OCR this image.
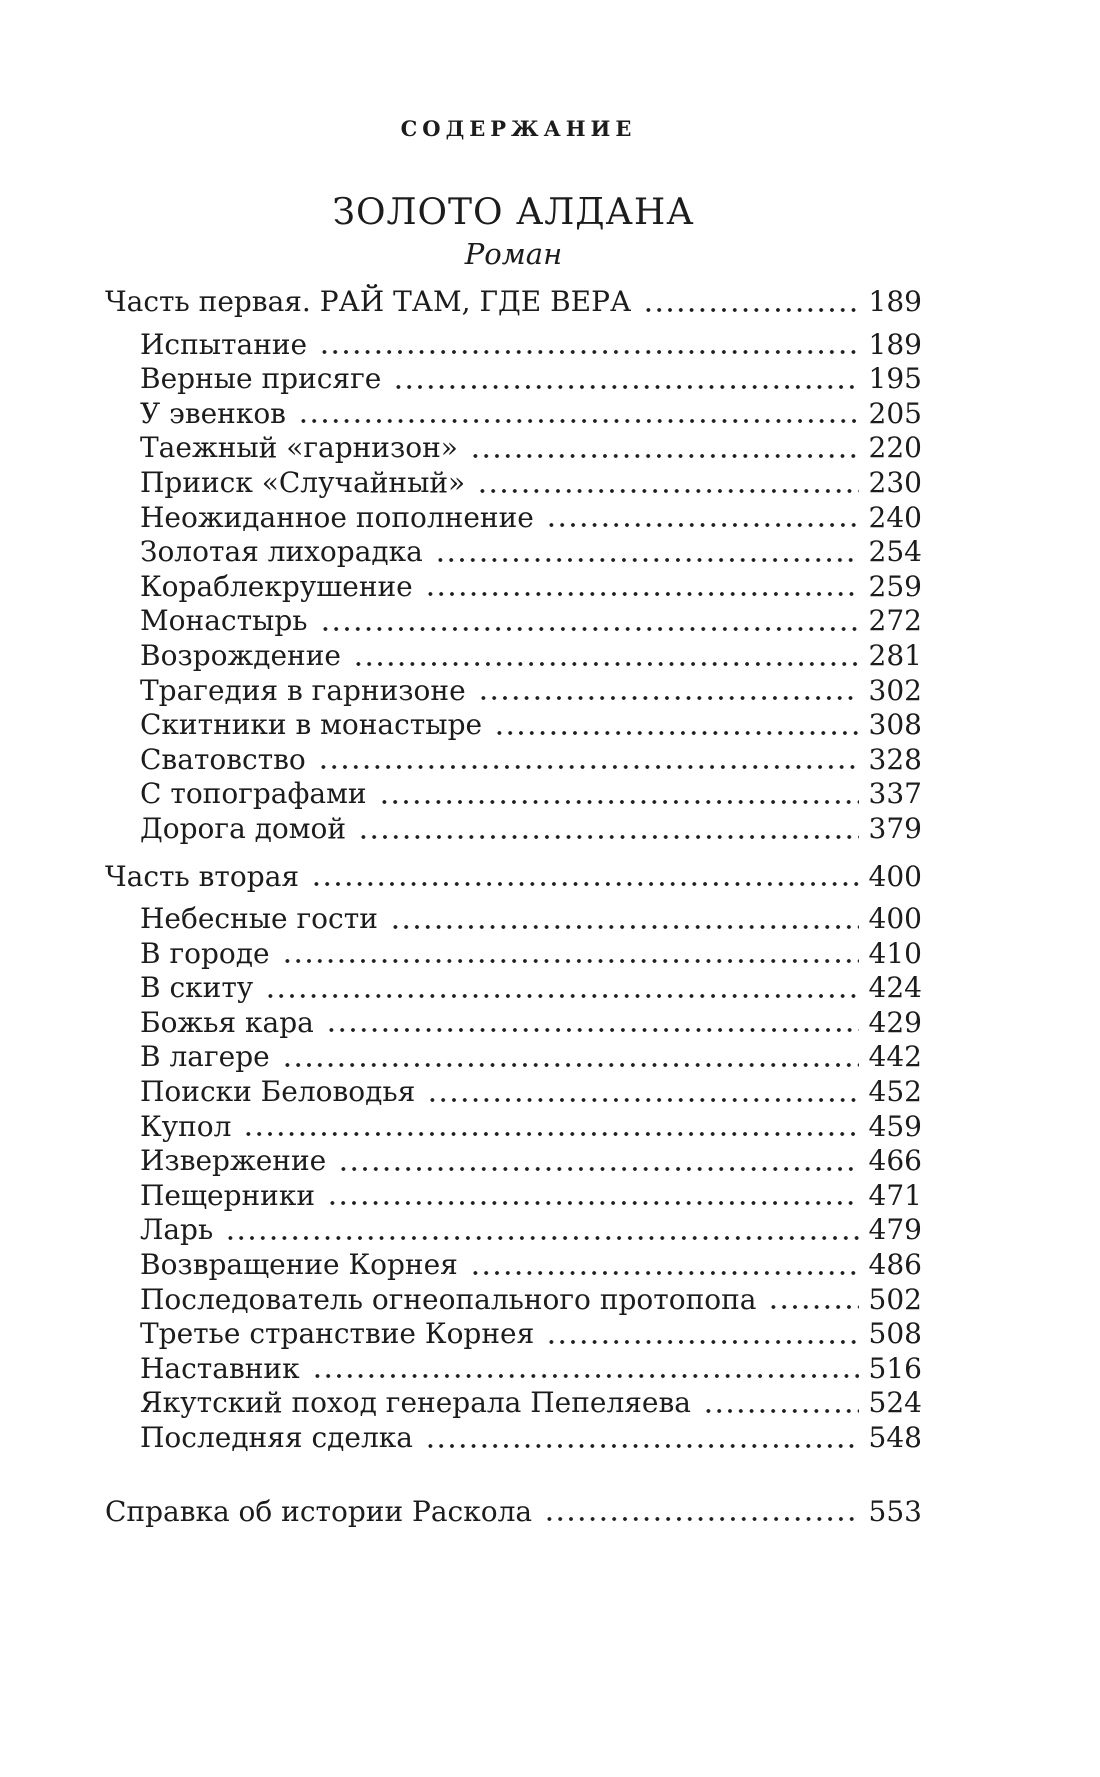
СОДЕРЖАНИЕ
ЗОЛОТО АЛДАНА
Роман
Часть первая. РАЙ ТАМ, ГДЕ ВЕРА	189
Испытание	189
Верные присяге	195
У эвенков	205
Таежный «гарнизон»	220
Прииск «Случайный»	230
Неожиданное пополнение	240
Золотая лихорадка	254
Кораблекрушение	259
Монастырь	272
Возрождение	281
Трагедия в гарнизоне	302
Скитники в монастыре	308
Сватовство	328
С топографами	337
Дорога домой	379
Часть вторая	400
Небесные гости	400
В городе	410
В скиту	424
Божья кара	429
В лагере	442
Поиски Беловодья	452
Купол	459
Извержение	466
Пещерники	471
Ларь	479
Возвращение Корнея	486
Последователь огнеопального протопопа	502
Третье странствие Корнея	508
Наставник	516
Якутский поход генерала Пепеляева	524
Последняя сделка	548
Справка об истории Раскола	553
